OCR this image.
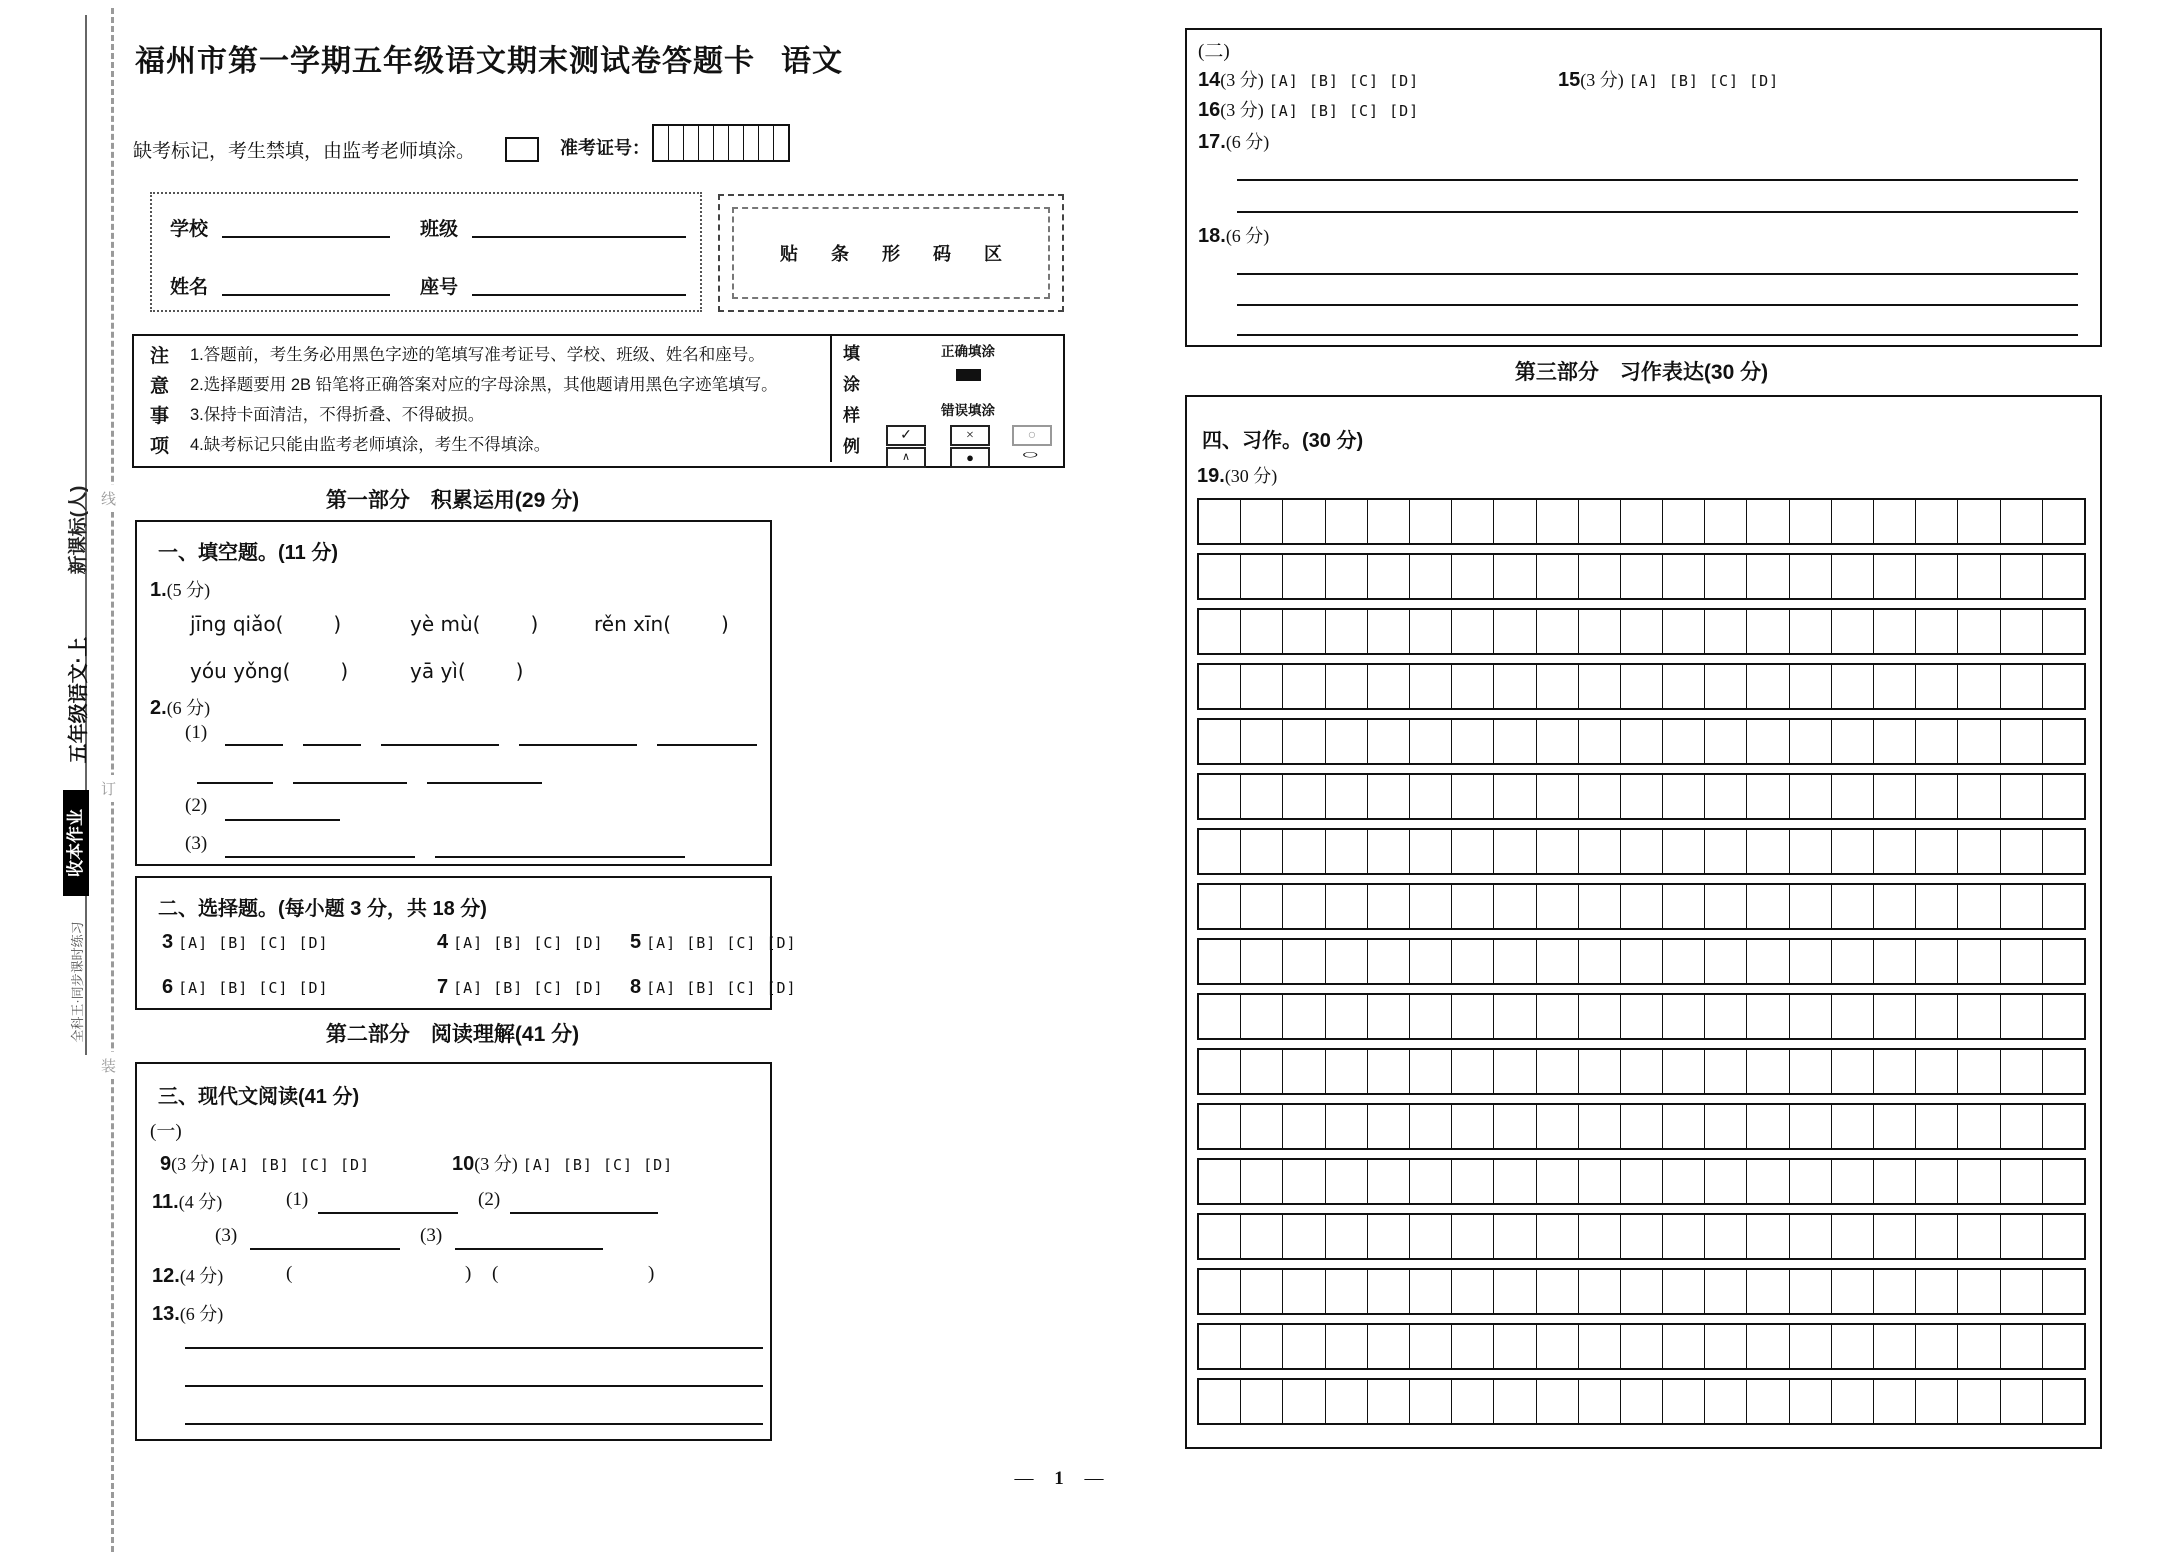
线
订
装
新课标(人)
五年级语文·上
收本作业
全科王·同步课时练习
福州市第一学期五年级语文期末测试卷答题卡 语文
缺考标记，考生禁填，由监考老师填涂。	准考证号：
学校	班级
姓名	座号
贴 条 形 码 区
注
意
事
项
1.答题前，考生务必用黑色字迹的笔填写准考证号、学校、班级、姓名和座号。
2.选择题要用 2B 铅笔将正确答案对应的字母涂黑，其他题请用黑色字迹笔填写。
3.保持卡面清洁，不得折叠、不得破损。
4.缺考标记只能由监考老师填涂，考生不得填涂。
填
涂
样
例
正确填涂
错误填涂
✓	×	○
∧	●	○
第一部分　积累运用(29 分)
一、填空题。(11 分)
1.(5 分)
jīng qiǎo(	)	yè mù(	)	rěn xīn(	)
yóu yǒng(	)	yā yì(	)
2.(6 分)
(1)
(2)
(3)
二、选择题。(每小题 3 分，共 18 分)
3 [A] [B] [C] [D]	4 [A] [B] [C] [D] 5 [A] [B] [C] [D]
6 [A] [B] [C] [D]	7 [A] [B] [C] [D] 8 [A] [B] [C] [D]
第二部分　阅读理解(41 分)
三、现代文阅读(41 分)
(一)
9(3 分) [A] [B] [C] [D]	10(3 分) [A] [B] [C] [D]
11.(4 分)	(1)	(2)
(3)	(3)
12.(4 分)	(	) (	)
13.(6 分)
— 1 —
(二)
14(3 分) [A] [B] [C] [D]	15(3 分) [A] [B] [C] [D]
16(3 分) [A] [B] [C] [D]
17.(6 分)
18.(6 分)
第三部分　习作表达(30 分)
四、习作。(30 分)
19.(30 分)
